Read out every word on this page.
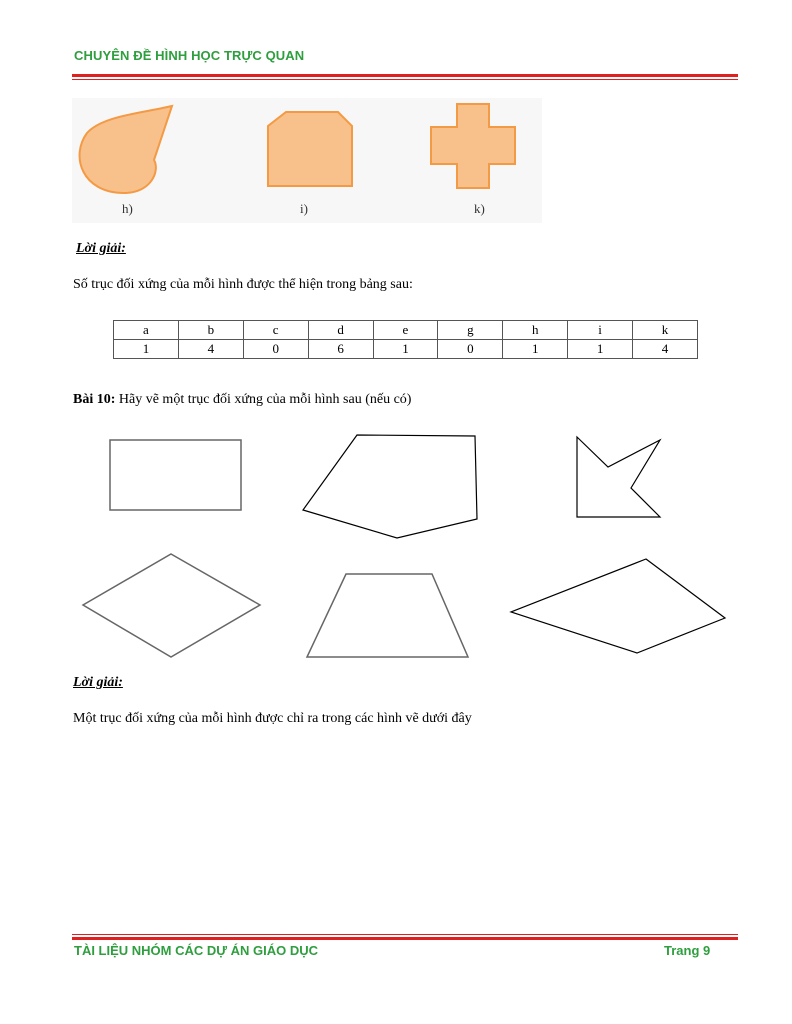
CHUYÊN ĐỀ HÌNH HỌC TRỰC QUAN
h)	i)	k)
Lời giải:
Số trục đối xứng của mỗi hình được thể hiện trong bảng sau:
a	b	c	d	e	g	h	i	k
1	4	0	6	1	0	1	1	4
Bài 10: Hãy vẽ một trục đối xứng của mỗi hình sau (nếu có)
Lời giải:
Một trục đối xứng của mỗi hình được chỉ ra trong các hình vẽ dưới đây
TÀI LIỆU NHÓM CÁC DỰ ÁN GIÁO DỤC	Trang 9
